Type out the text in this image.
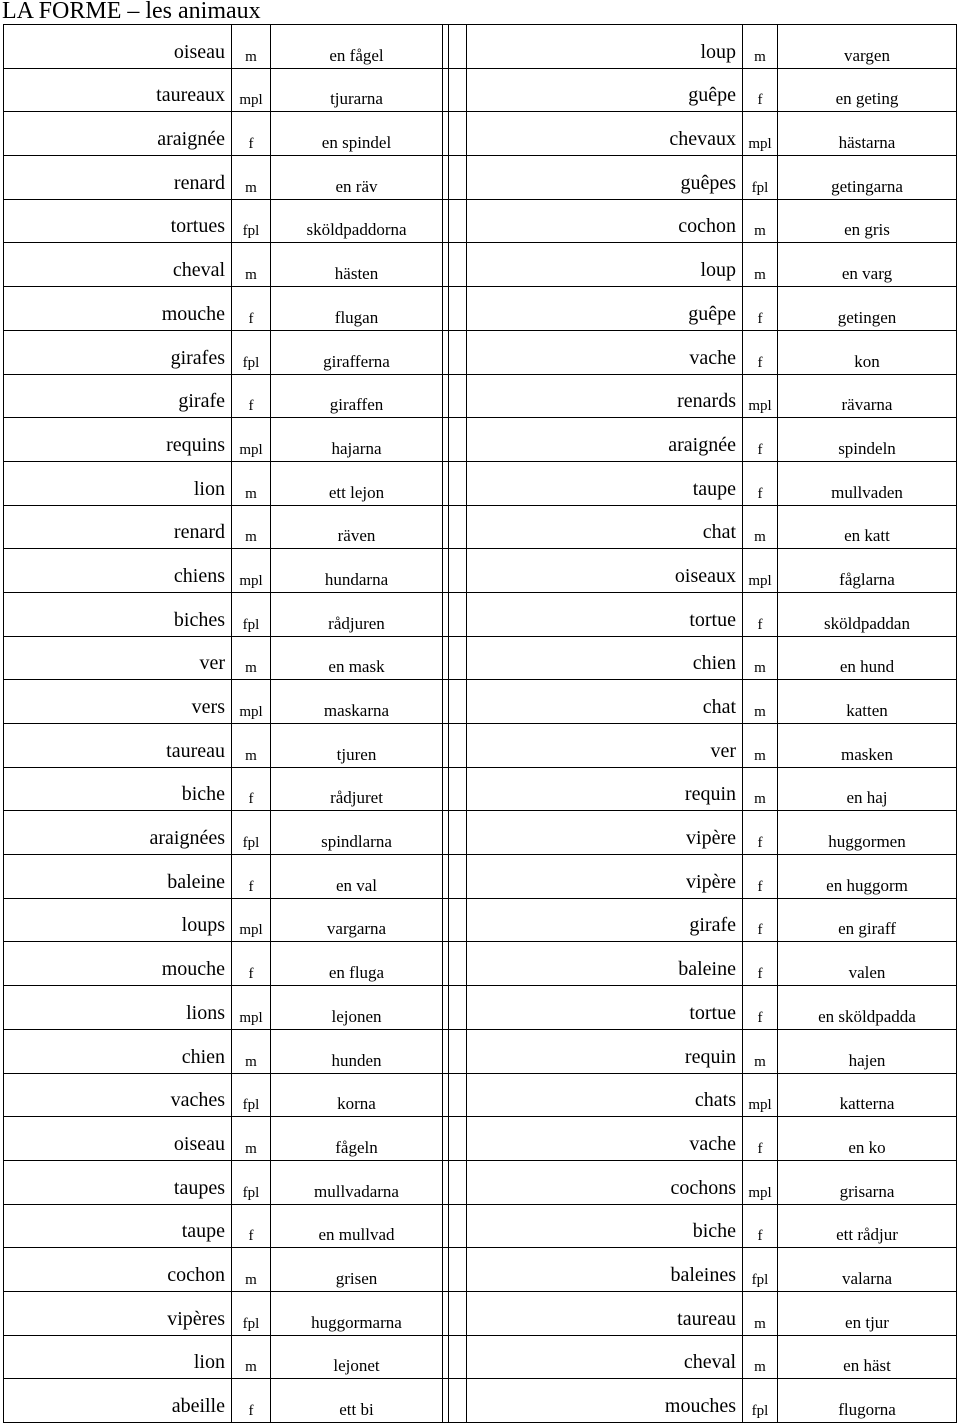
LA FORME – les animaux
oiseau	m	en fågel			loup	m	vargen
taureaux	mpl	tjurarna			guêpe	f	en geting
araignée	f	en spindel			chevaux	mpl	hästarna
renard	m	en räv			guêpes	fpl	getingarna
tortues	fpl	sköldpaddorna			cochon	m	en gris
cheval	m	hästen			loup	m	en varg
mouche	f	flugan			guêpe	f	getingen
girafes	fpl	girafferna			vache	f	kon
girafe	f	giraffen			renards	mpl	rävarna
requins	mpl	hajarna			araignée	f	spindeln
lion	m	ett lejon			taupe	f	mullvaden
renard	m	räven			chat	m	en katt
chiens	mpl	hundarna			oiseaux	mpl	fåglarna
biches	fpl	rådjuren			tortue	f	sköldpaddan
ver	m	en mask			chien	m	en hund
vers	mpl	maskarna			chat	m	katten
taureau	m	tjuren			ver	m	masken
biche	f	rådjuret			requin	m	en haj
araignées	fpl	spindlarna			vipère	f	huggormen
baleine	f	en val			vipère	f	en huggorm
loups	mpl	vargarna			girafe	f	en giraff
mouche	f	en fluga			baleine	f	valen
lions	mpl	lejonen			tortue	f	en sköldpadda
chien	m	hunden			requin	m	hajen
vaches	fpl	korna			chats	mpl	katterna
oiseau	m	fågeln			vache	f	en ko
taupes	fpl	mullvadarna			cochons	mpl	grisarna
taupe	f	en mullvad			biche	f	ett rådjur
cochon	m	grisen			baleines	fpl	valarna
vipères	fpl	huggormarna			taureau	m	en tjur
lion	m	lejonet			cheval	m	en häst
abeille	f	ett bi			mouches	fpl	flugorna
